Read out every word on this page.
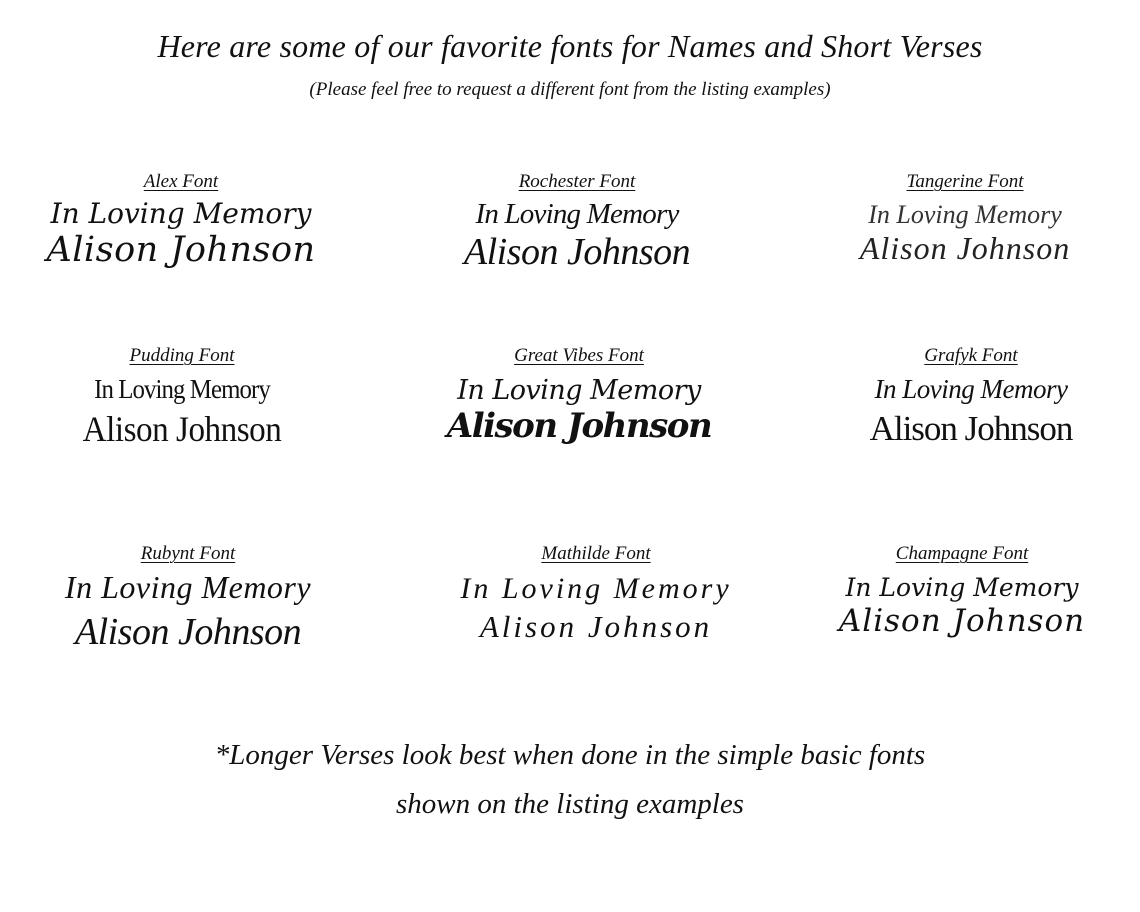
Here are some of our favorite fonts for Names and Short Verses
(Please feel free to request a different font from the listing examples)
Alex Font
In Loving Memory
Alison Johnson
Rochester Font
In Loving Memory
Alison Johnson
Tangerine Font
In Loving Memory
Alison Johnson
Pudding Font
In Loving Memory
Alison Johnson
Great Vibes Font
In Loving Memory
Alison Johnson
Grafyk Font
In Loving Memory
Alison Johnson
Rubynt Font
In Loving Memory
Alison Johnson
Mathilde Font
In Loving Memory
Alison Johnson
Champagne Font
In Loving Memory
Alison Johnson
*Longer Verses look best when done in the simple basic fonts
shown on the listing examples
